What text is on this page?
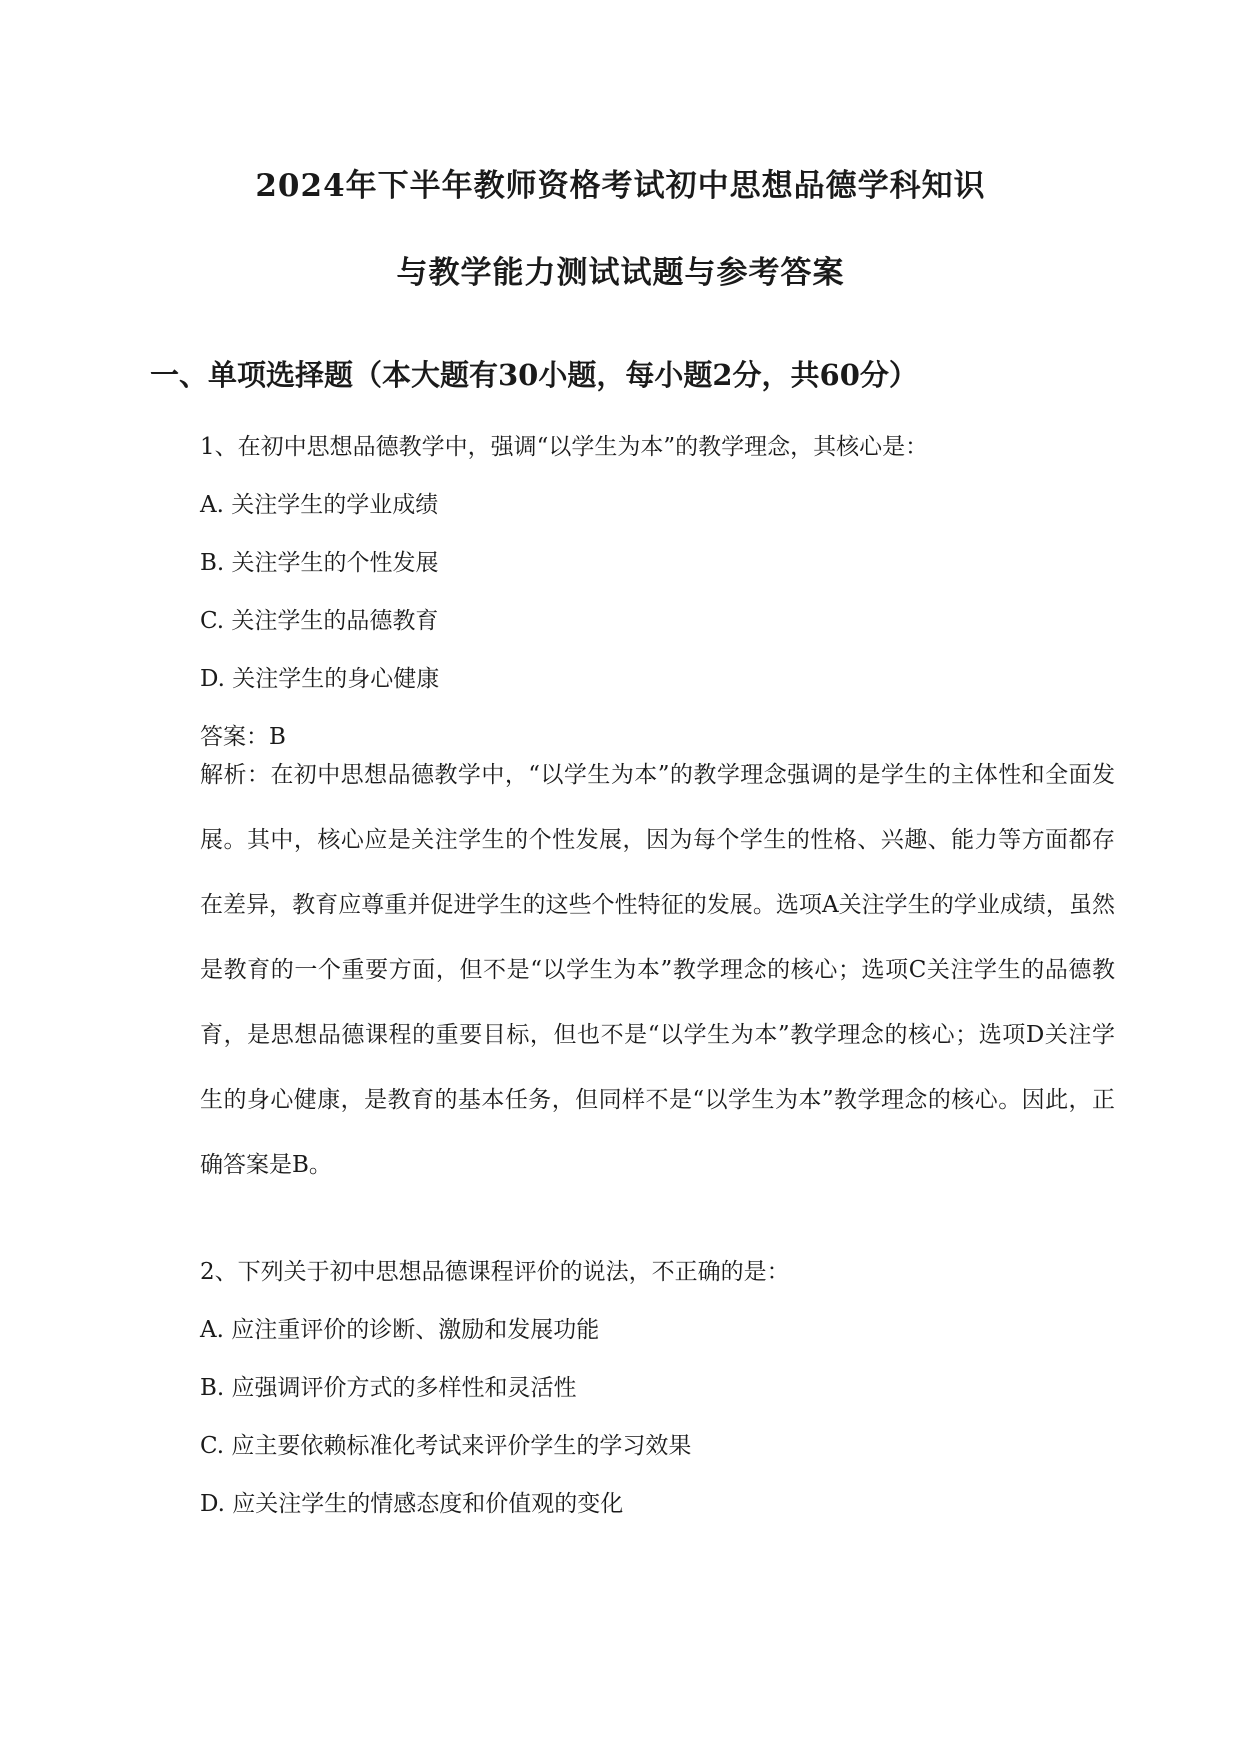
2024年下半年教师资格考试初中思想品德学科知识
与教学能力测试试题与参考答案
一、单项选择题（本大题有30小题，每小题2分，共60分）
1、在初中思想品德教学中，强调“以学生为本”的教学理念，其核心是：
A. 关注学生的学业成绩
B. 关注学生的个性发展
C. 关注学生的品德教育
D. 关注学生的身心健康
答案：B
解析：在初中思想品德教学中，“以学生为本”的教学理念强调的是学生的主体性和全面发展。其中，核心应是关注学生的个性发展，因为每个学生的性格、兴趣、能力等方面都存在差异，教育应尊重并促进学生的这些个性特征的发展。选项A关注学生的学业成绩，虽然是教育的一个重要方面，但不是“以学生为本”教学理念的核心；选项C关注学生的品德教育，是思想品德课程的重要目标，但也不是“以学生为本”教学理念的核心；选项D关注学生的身心健康，是教育的基本任务，但同样不是“以学生为本”教学理念的核心。因此，正确答案是B。
2、下列关于初中思想品德课程评价的说法，不正确的是：
A. 应注重评价的诊断、激励和发展功能
B. 应强调评价方式的多样性和灵活性
C. 应主要依赖标准化考试来评价学生的学习效果
D. 应关注学生的情感态度和价值观的变化
